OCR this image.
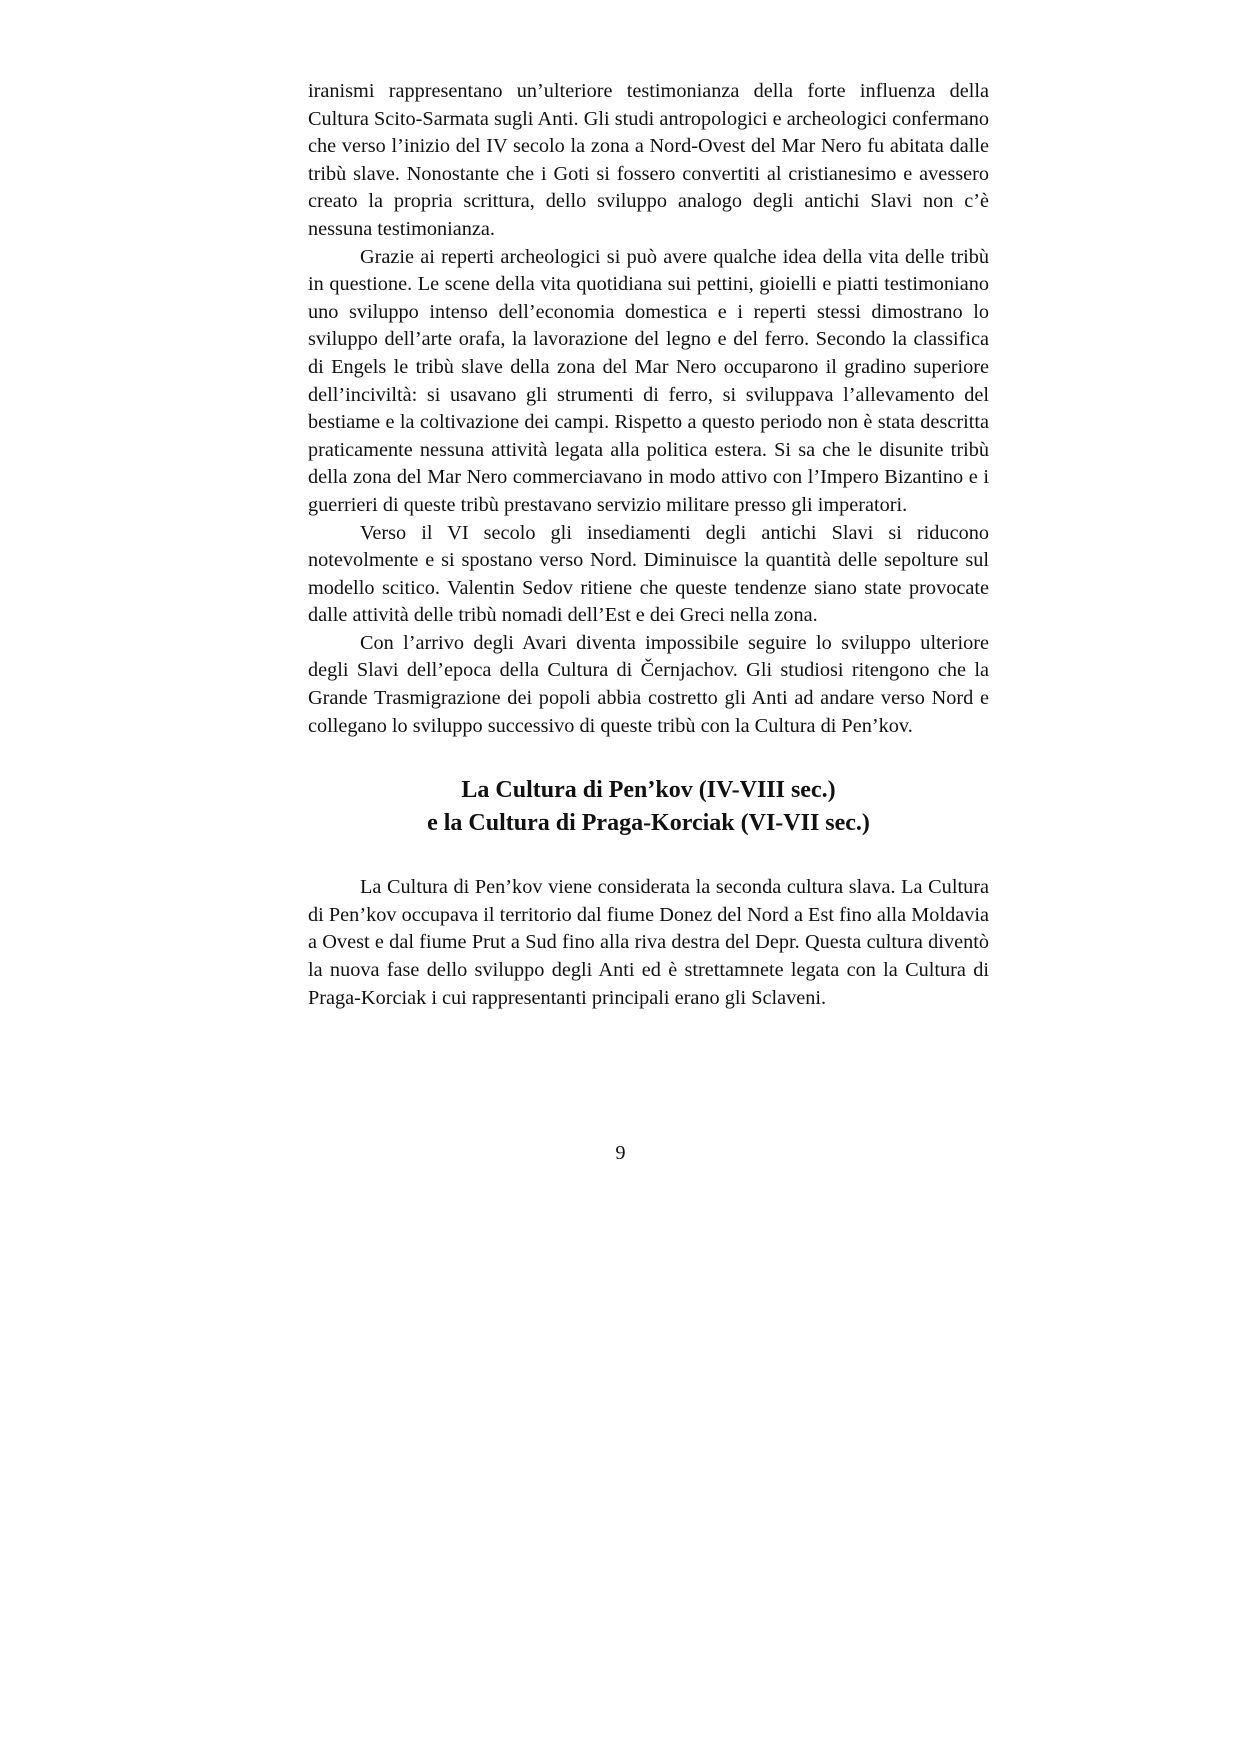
iranismi rappresentano un’ulteriore testimonianza della forte influenza della Cultura Scito-Sarmata sugli Anti. Gli studi antropologici e archeologici confermano che verso l’inizio del IV secolo la zona a Nord-Ovest del Mar Nero fu abitata dalle tribù slave. Nonostante che i Goti si fossero convertiti al cristianesimo e avessero creato la propria scrittura, dello sviluppo analogo degli antichi Slavi non c’è nessuna testimonianza.

Grazie ai reperti archeologici si può avere qualche idea della vita delle tribù in questione. Le scene della vita quotidiana sui pettini, gioielli e piatti testimoniano uno sviluppo intenso dell’economia domestica e i reperti stessi dimostrano lo sviluppo dell’arte orafa, la lavorazione del legno e del ferro. Secondo la classifica di Engels le tribù slave della zona del Mar Nero occuparono il gradino superiore dell’inciviltà: si usavano gli strumenti di ferro, si sviluppava l’allevamento del bestiame e la coltivazione dei campi. Rispetto a questo periodo non è stata descritta praticamente nessuna attività legata alla politica estera. Si sa che le disunite tribù della zona del Mar Nero commerciavano in modo attivo con l’Impero Bizantino e i guerrieri di queste tribù prestavano servizio militare presso gli imperatori.

Verso il VI secolo gli insediamenti degli antichi Slavi si riducono notevolmente e si spostano verso Nord. Diminuisce la quantità delle sepolture sul modello scitico. Valentin Sedov ritiene che queste tendenze siano state provocate dalle attività delle tribù nomadi dell’Est e dei Greci nella zona.

Con l’arrivo degli Avari diventa impossibile seguire lo sviluppo ulteriore degli Slavi dell’epoca della Cultura di Černjachov. Gli studiosi ritengono che la Grande Trasmigrazione dei popoli abbia costretto gli Anti ad andare verso Nord e collegano lo sviluppo successivo di queste tribù con la Cultura di Pen’kov.

La Cultura di Pen’kov (IV-VIII sec.)
e la Cultura di Praga-Korciak (VI-VII sec.)

La Cultura di Pen’kov viene considerata la seconda cultura slava. La Cultura di Pen’kov occupava il territorio dal fiume Donez del Nord a Est fino alla Moldavia a Ovest e dal fiume Prut a Sud fino alla riva destra del Depr. Questa cultura diventò la nuova fase dello sviluppo degli Anti ed è strettamnete legata con la Cultura di Praga-Korciak i cui rappresentanti principali erano gli Sclaveni.

9
